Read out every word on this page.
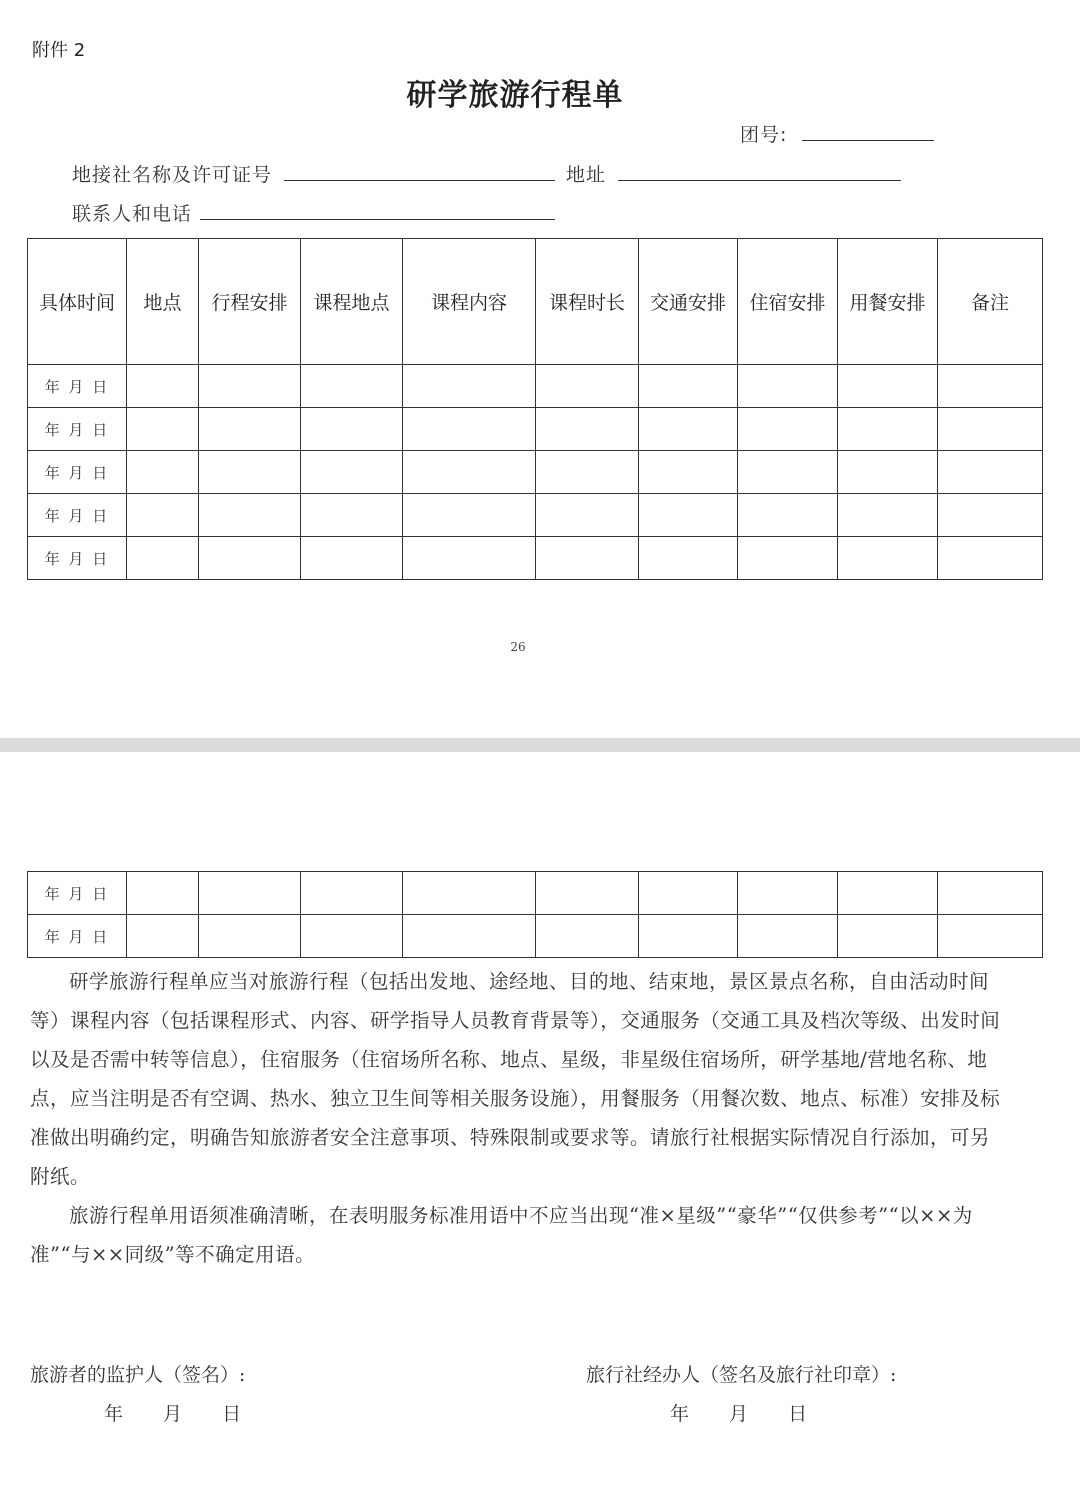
附件 2
研学旅游行程单
团号:
地接社名称及许可证号	地址
联系人和电话
具体时间	地点	行程安排	课程地点	课程内容	课程时长	交通安排	住宿安排	用餐安排	备注
年 月 日									
年 月 日									
年 月 日									
年 月 日									
年 月 日									
26
年 月 日									
年 月 日									
研学旅游行程单应当对旅游行程（包括出发地、途经地、目的地、结束地，景区景点名称，自由活动时间等）课程内容（包括课程形式、内容、研学指导人员教育背景等），交通服务（交通工具及档次等级、出发时间以及是否需中转等信息），住宿服务（住宿场所名称、地点、星级，非星级住宿场所，研学基地/营地名称、地点，应当注明是否有空调、热水、独立卫生间等相关服务设施），用餐服务（用餐次数、地点、标准）安排及标准做出明确约定，明确告知旅游者安全注意事项、特殊限制或要求等。请旅行社根据实际情况自行添加，可另附纸。
旅游行程单用语须准确清晰，在表明服务标准用语中不应当出现“准×星级”“豪华”“仅供参考”“以××为准”“与××同级”等不确定用语。
旅游者的监护人（签名）:
年 月 日
旅行社经办人（签名及旅行社印章）:
年 月 日
